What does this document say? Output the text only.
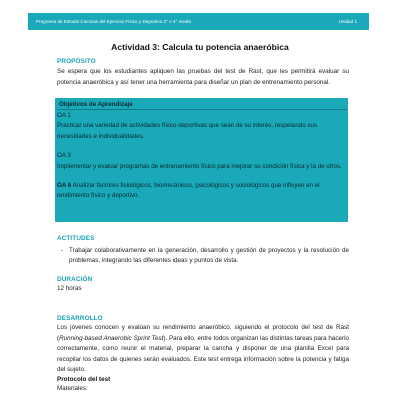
Programa de Estudio Ciencias del Ejercicio Físico y Deportivo 3° o 4° medio	Unidad 1
Actividad 3: Calcula tu potencia anaeróbica
PROPÓSITO
Se espera que los estudiantes apliquen las pruebas del test de Rast, que les permitirá evaluar su potencia anaeróbica y así tener una herramienta para diseñar un plan de entrenamiento personal.
Objetivos de Aprendizaje
OA 1
Practicar una variedad de actividades físico-deportivas que sean de su interés, respetando sus necesidades e individualidades.
OA 3
Implementar y evaluar programas de entrenamiento físico para mejorar su condición física y la de otros.
OA 6 Analizar factores fisiológicos, biomecánicos, psicológicos y sociológicos que influyen en el rendimiento físico y deportivo.
ACTITUDES
- Trabajar colaborativamente en la generación, desarrollo y gestión de proyectos y la resolución de problemas, integrando las diferentes ideas y puntos de vista.
DURACIÓN
12 horas
DESARROLLO
Los jóvenes conocen y evalúan su rendimiento anaeróbico, siguiendo el protocolo del test de Rast (Running-based Anaerobic Sprint Test). Para ello, entre todos organizan las distintas tareas para hacerlo correctamente, como reunir el material, preparar la cancha y disponer de una planilla Excel para recopilar los datos de quienes serán evaluados. Este test entrega información sobre la potencia y fatiga del sujeto.
Protocolo del test
Materiales:
